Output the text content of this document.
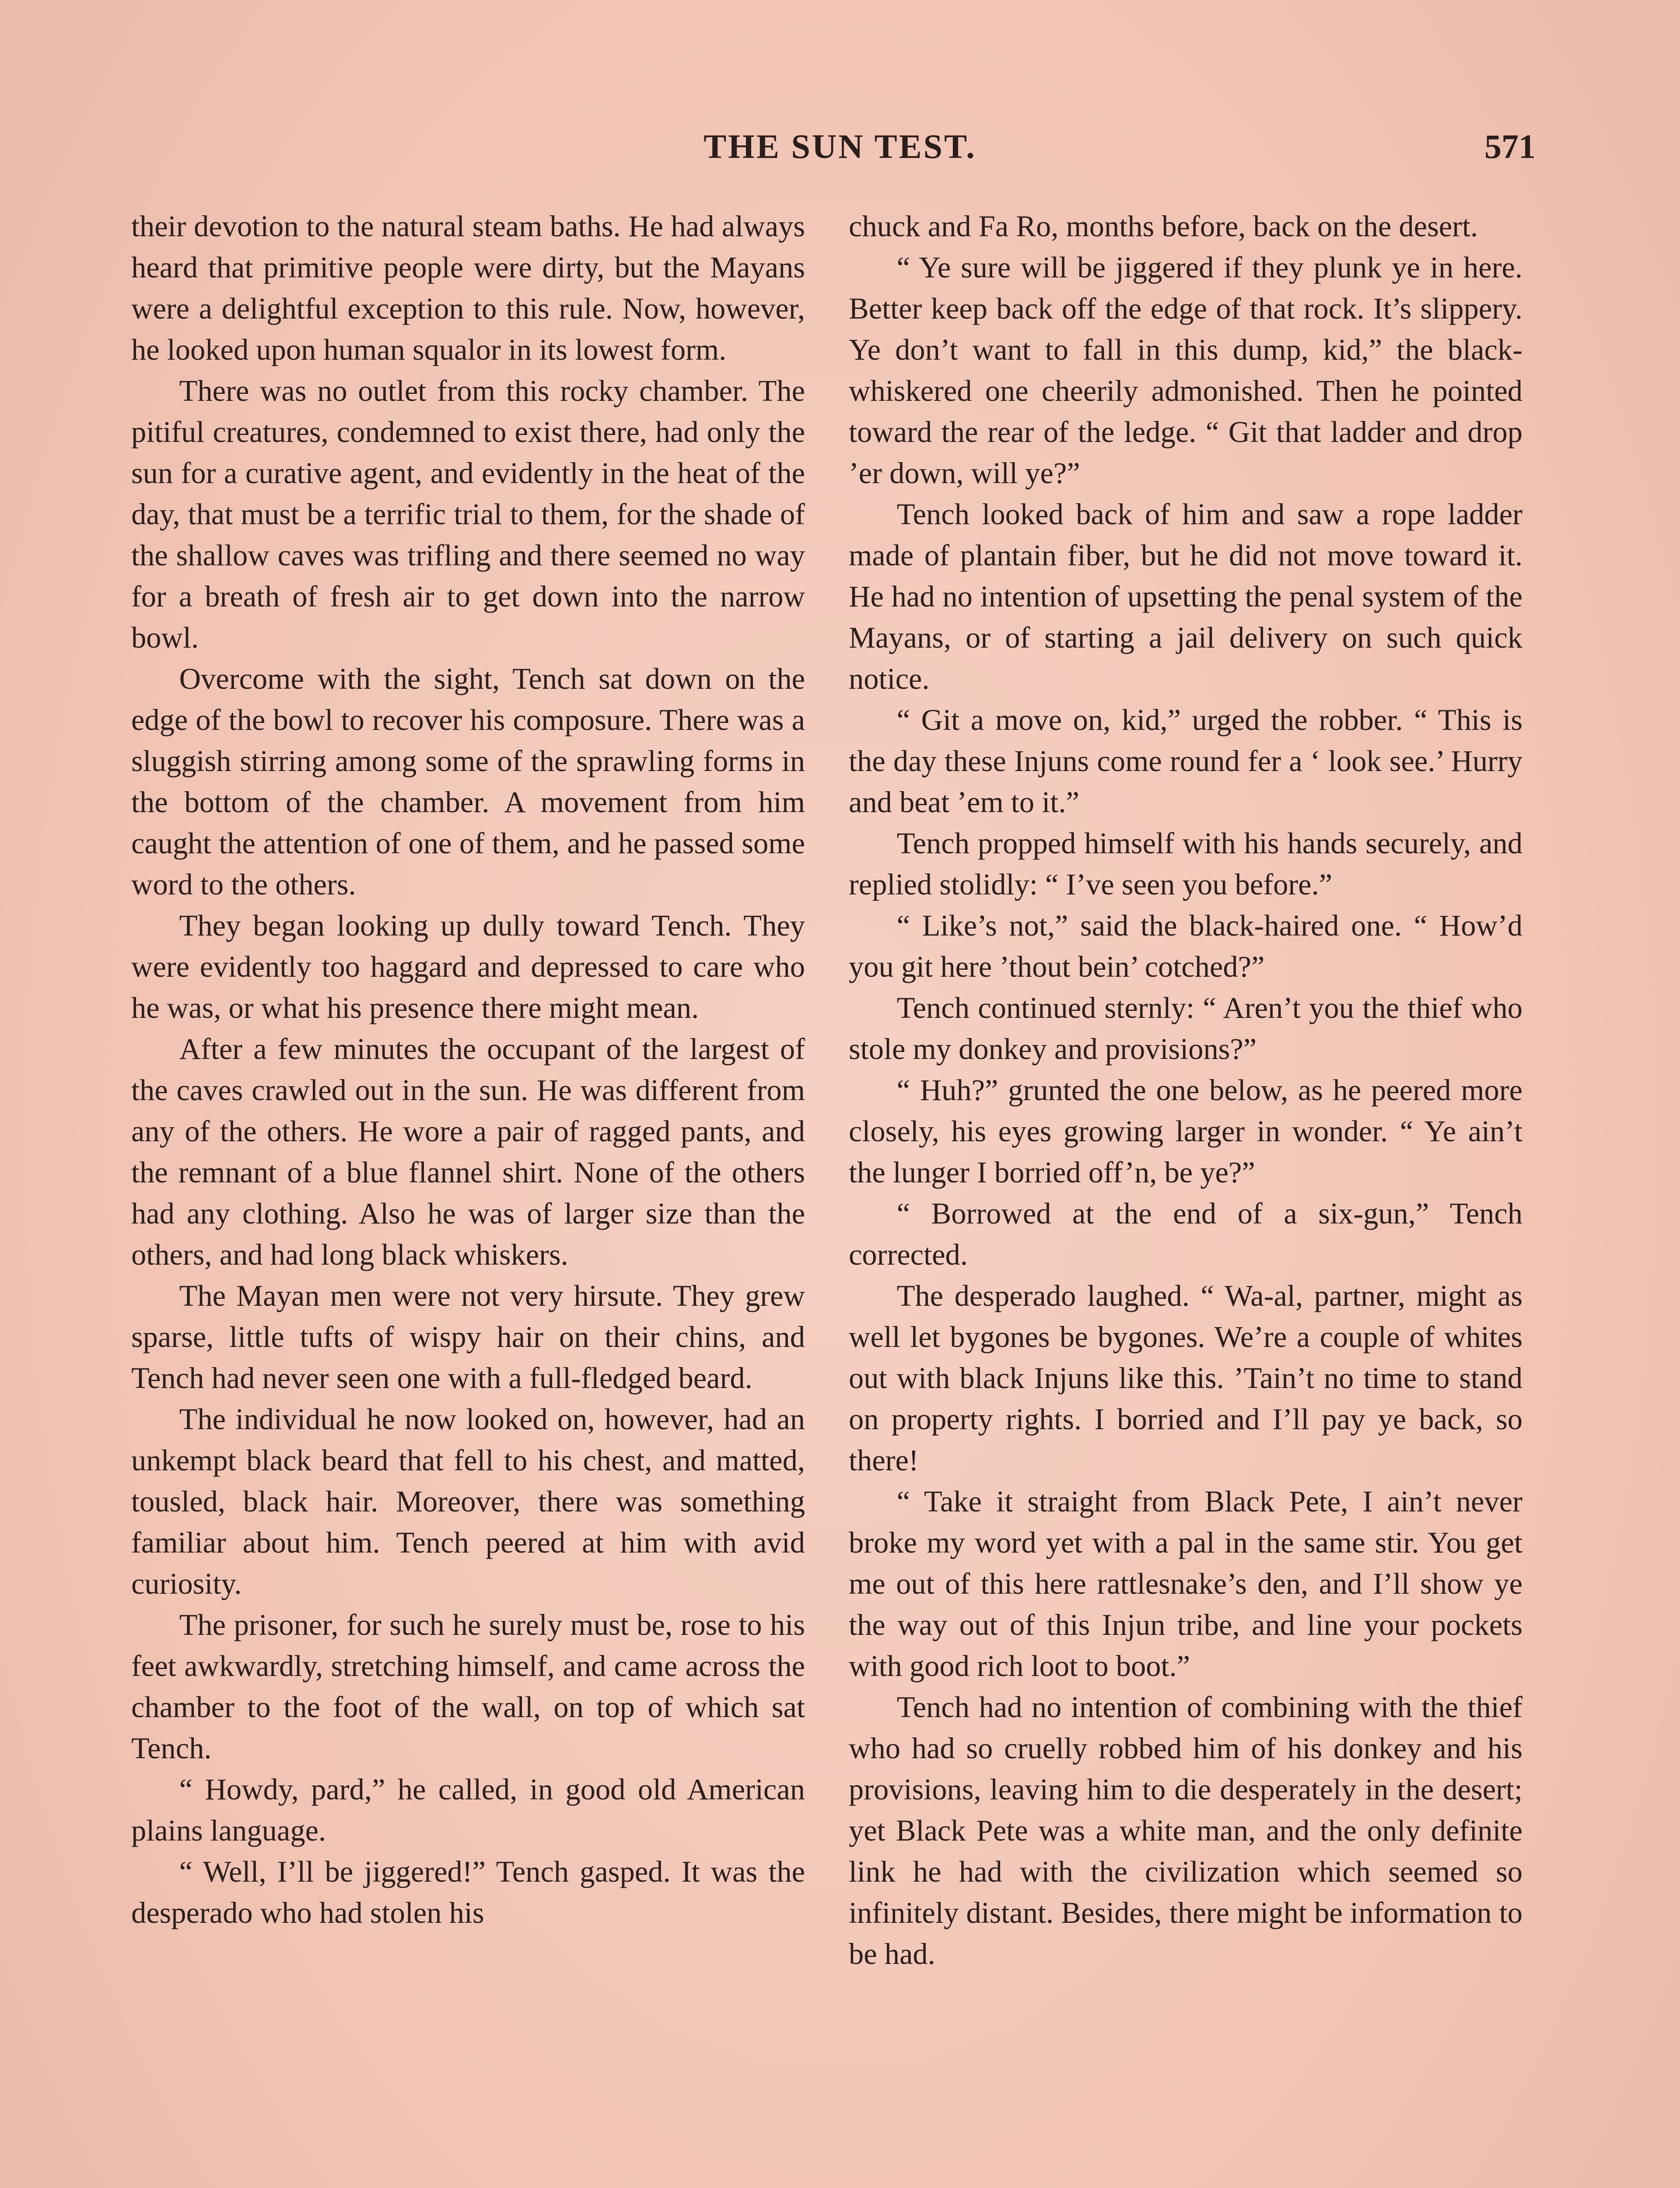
THE SUN TEST.	571

their devotion to the natural steam baths. He had always heard that primitive people were dirty, but the Mayans were a delightful exception to this rule. Now, however, he looked upon human squalor in its lowest form.

There was no outlet from this rocky chamber. The pitiful creatures, condemned to exist there, had only the sun for a curative agent, and evidently in the heat of the day, that must be a terrific trial to them, for the shade of the shallow caves was trifling and there seemed no way for a breath of fresh air to get down into the narrow bowl.

Overcome with the sight, Tench sat down on the edge of the bowl to recover his composure. There was a sluggish stirring among some of the sprawling forms in the bottom of the chamber. A movement from him caught the attention of one of them, and he passed some word to the others.

They began looking up dully toward Tench. They were evidently too haggard and depressed to care who he was, or what his presence there might mean.

After a few minutes the occupant of the largest of the caves crawled out in the sun. He was different from any of the others. He wore a pair of ragged pants, and the remnant of a blue flannel shirt. None of the others had any clothing. Also he was of larger size than the others, and had long black whiskers.

The Mayan men were not very hirsute. They grew sparse, little tufts of wispy hair on their chins, and Tench had never seen one with a full-fledged beard.

The individual he now looked on, however, had an unkempt black beard that fell to his chest, and matted, tousled, black hair. Moreover, there was something familiar about him. Tench peered at him with avid curiosity.

The prisoner, for such he surely must be, rose to his feet awkwardly, stretching himself, and came across the chamber to the foot of the wall, on top of which sat Tench.

“ Howdy, pard,” he called, in good old American plains language.

“ Well, I’ll be jiggered!” Tench gasped. It was the desperado who had stolen his

chuck and Fa Ro, months before, back on the desert.

“ Ye sure will be jiggered if they plunk ye in here. Better keep back off the edge of that rock. It’s slippery. Ye don’t want to fall in this dump, kid,” the black-whiskered one cheerily admonished. Then he pointed toward the rear of the ledge. “ Git that ladder and drop ’er down, will ye?”

Tench looked back of him and saw a rope ladder made of plantain fiber, but he did not move toward it. He had no intention of upsetting the penal system of the Mayans, or of starting a jail delivery on such quick notice.

“ Git a move on, kid,” urged the robber. “ This is the day these Injuns come round fer a ‘ look see.’ Hurry and beat ’em to it.”

Tench propped himself with his hands securely, and replied stolidly: “ I’ve seen you before.”

“ Like’s not,” said the black-haired one. “ How’d you git here ’thout bein’ cotched?”

Tench continued sternly: “ Aren’t you the thief who stole my donkey and provisions?”

“ Huh?” grunted the one below, as he peered more closely, his eyes growing larger in wonder. “ Ye ain’t the lunger I borried off’n, be ye?”

“ Borrowed at the end of a six-gun,” Tench corrected.

The desperado laughed. “ Wa-al, partner, might as well let bygones be bygones. We’re a couple of whites out with black Injuns like this. ’Tain’t no time to stand on property rights. I borried and I’ll pay ye back, so there!

“ Take it straight from Black Pete, I ain’t never broke my word yet with a pal in the same stir. You get me out of this here rattlesnake’s den, and I’ll show ye the way out of this Injun tribe, and line your pockets with good rich loot to boot.”

Tench had no intention of combining with the thief who had so cruelly robbed him of his donkey and his provisions, leaving him to die desperately in the desert; yet Black Pete was a white man, and the only definite link he had with the civilization which seemed so infinitely distant. Besides, there might be information to be had.
